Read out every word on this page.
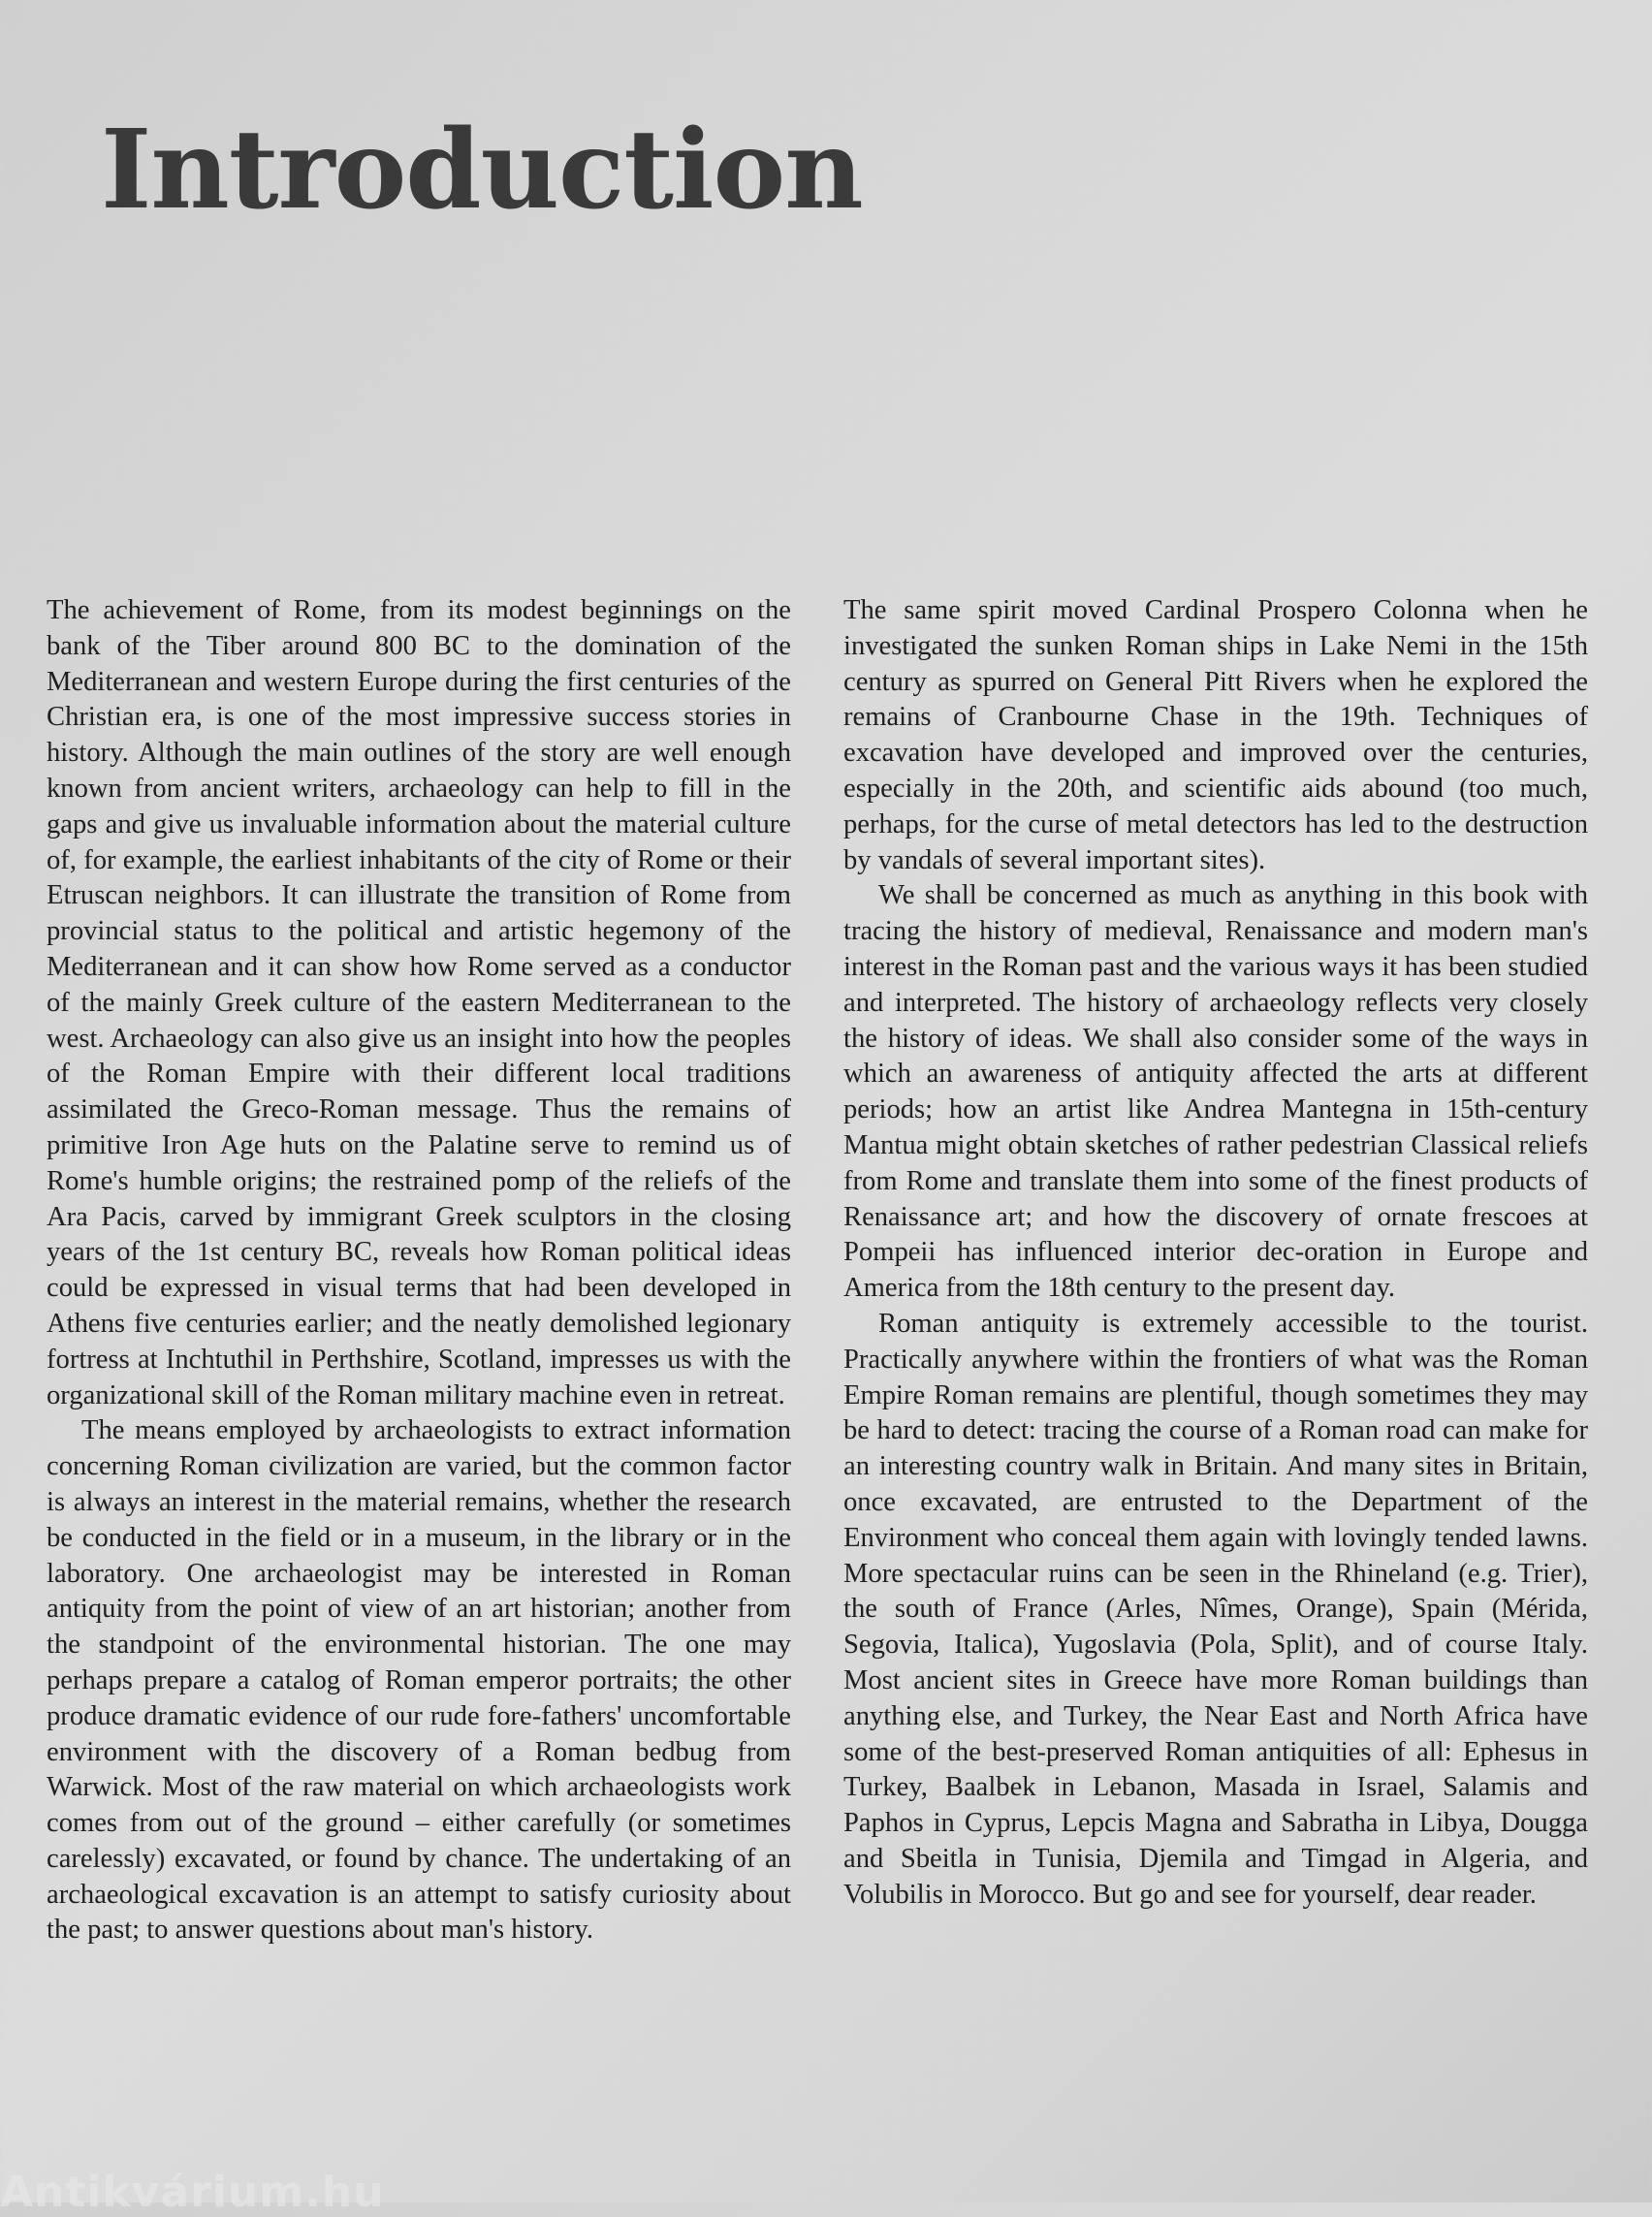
Introduction

The achievement of Rome, from its modest beginnings on the bank of the Tiber around 800 BC to the domination of the Mediterranean and western Europe during the first centuries of the Christian era, is one of the most impressive success stories in history. Although the main outlines of the story are well enough known from ancient writers, archaeology can help to fill in the gaps and give us invaluable information about the material culture of, for example, the earliest inhabitants of the city of Rome or their Etruscan neighbors. It can illustrate the transition of Rome from provincial status to the political and artistic hegemony of the Mediterranean and it can show how Rome served as a conductor of the mainly Greek culture of the eastern Mediterranean to the west. Archaeology can also give us an insight into how the peoples of the Roman Empire with their different local traditions assimilated the Greco-Roman message. Thus the remains of primitive Iron Age huts on the Palatine serve to remind us of Rome's humble origins; the restrained pomp of the reliefs of the Ara Pacis, carved by immigrant Greek sculptors in the closing years of the 1st century BC, reveals how Roman political ideas could be expressed in visual terms that had been developed in Athens five centuries earlier; and the neatly demolished legionary fortress at Inchtuthil in Perthshire, Scotland, impresses us with the organizational skill of the Roman military machine even in retreat.

The means employed by archaeologists to extract information concerning Roman civilization are varied, but the common factor is always an interest in the material remains, whether the research be conducted in the field or in a museum, in the library or in the laboratory. One archaeologist may be interested in Roman antiquity from the point of view of an art historian; another from the standpoint of the environmental historian. The one may perhaps prepare a catalog of Roman emperor portraits; the other produce dramatic evidence of our rude fore-fathers' uncomfortable environment with the discovery of a Roman bedbug from Warwick. Most of the raw material on which archaeologists work comes from out of the ground – either carefully (or sometimes carelessly) excavated, or found by chance. The undertaking of an archaeological excavation is an attempt to satisfy curiosity about the past; to answer questions about man's history.

The same spirit moved Cardinal Prospero Colonna when he investigated the sunken Roman ships in Lake Nemi in the 15th century as spurred on General Pitt Rivers when he explored the remains of Cranbourne Chase in the 19th. Techniques of excavation have developed and improved over the centuries, especially in the 20th, and scientific aids abound (too much, perhaps, for the curse of metal detectors has led to the destruction by vandals of several important sites).

We shall be concerned as much as anything in this book with tracing the history of medieval, Renaissance and modern man's interest in the Roman past and the various ways it has been studied and interpreted. The history of archaeology reflects very closely the history of ideas. We shall also consider some of the ways in which an awareness of antiquity affected the arts at different periods; how an artist like Andrea Mantegna in 15th-century Mantua might obtain sketches of rather pedestrian Classical reliefs from Rome and translate them into some of the finest products of Renaissance art; and how the discovery of ornate frescoes at Pompeii has influenced interior dec-oration in Europe and America from the 18th century to the present day.

Roman antiquity is extremely accessible to the tourist. Practically anywhere within the frontiers of what was the Roman Empire Roman remains are plentiful, though sometimes they may be hard to detect: tracing the course of a Roman road can make for an interesting country walk in Britain. And many sites in Britain, once excavated, are entrusted to the Department of the Environment who conceal them again with lovingly tended lawns. More spectacular ruins can be seen in the Rhineland (e.g. Trier), the south of France (Arles, Nîmes, Orange), Spain (Mérida, Segovia, Italica), Yugoslavia (Pola, Split), and of course Italy. Most ancient sites in Greece have more Roman buildings than anything else, and Turkey, the Near East and North Africa have some of the best-preserved Roman antiquities of all: Ephesus in Turkey, Baalbek in Lebanon, Masada in Israel, Salamis and Paphos in Cyprus, Lepcis Magna and Sabratha in Libya, Dougga and Sbeitla in Tunisia, Djemila and Timgad in Algeria, and Volubilis in Morocco. But go and see for yourself, dear reader.

Antikvárium.hu
